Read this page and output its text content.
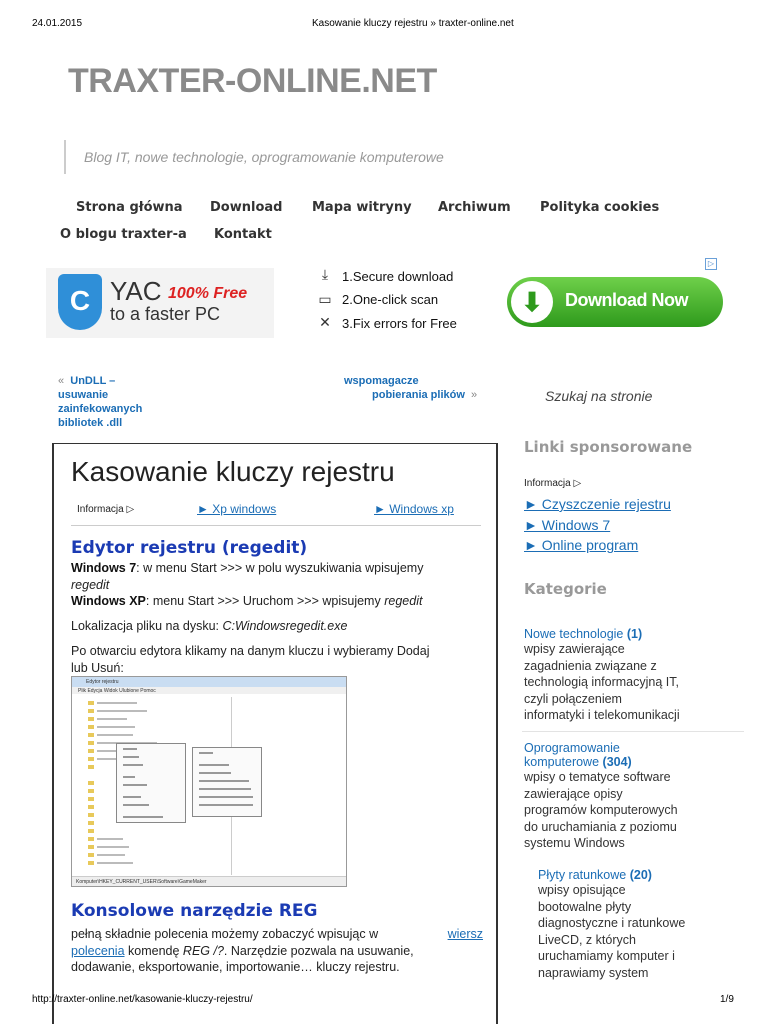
24.01.2015	Kasowanie kluczy rejestru » traxter-online.net
TRAXTER-ONLINE.NET
Blog IT, nowe technologie, oprogramowanie komputerowe
Strona główna Download Mapa witryny Archiwum Polityka cookies
O blogu traxter-a Kontakt
C YAC 100% Free
to a faster PC
⤓	1.Secure download
▭ 2.One-click scan
✕ 3.Fix errors for Free
▷
⬇	Download Now
« UnDLL –
usuwanie
zainfekowanych
bibliotek .dll
wspomagacze
pobierania plików »	Szukaj na stronie
Kasowanie kluczy rejestru
Informacja ▷	► Xp windows	► Windows xp
Edytor rejestru (regedit)
Windows 7: w menu Start >>> w polu wyszukiwania wpisujemy
regedit
Windows XP: menu Start >>> Uruchom >>> wpisujemy regedit
Lokalizacja pliku na dysku: C:Windowsregedit.exe
Po otwarciu edytora klikamy na danym kluczu i wybieramy Dodaj
lub Usuń:
Edytor rejestru
Plik Edycja Widok Ulubione Pomoc
Komputer\HKEY_CURRENT_USER\Software\GameMaker
Konsolowe narzędzie REG
pełną składnie polecenia możemy zobaczyć wpisując w	wiersz
polecenia komendę REG /?. Narzędzie pozwala na usuwanie,
dodawanie, eksportowanie, importowanie… kluczy rejestru.
Linki sponsorowane
Informacja ▷
► Czyszczenie rejestru
► Windows 7
► Online program
Kategorie
Nowe technologie (1)
wpisy zawierające
zagadnienia związane z
technologią informacyjną IT,
czyli połączeniem
informatyki i telekomunikacji
Oprogramowanie
komputerowe (304)
wpisy o tematyce software
zawierające opisy
programów komputerowych
do uruchamiania z poziomu
systemu Windows
Płyty ratunkowe (20)
wpisy opisujące
bootowalne płyty
diagnostyczne i ratunkowe
LiveCD, z których
uruchamiamy komputer i
naprawiamy system
http://traxter-online.net/kasowanie-kluczy-rejestru/	1/9
